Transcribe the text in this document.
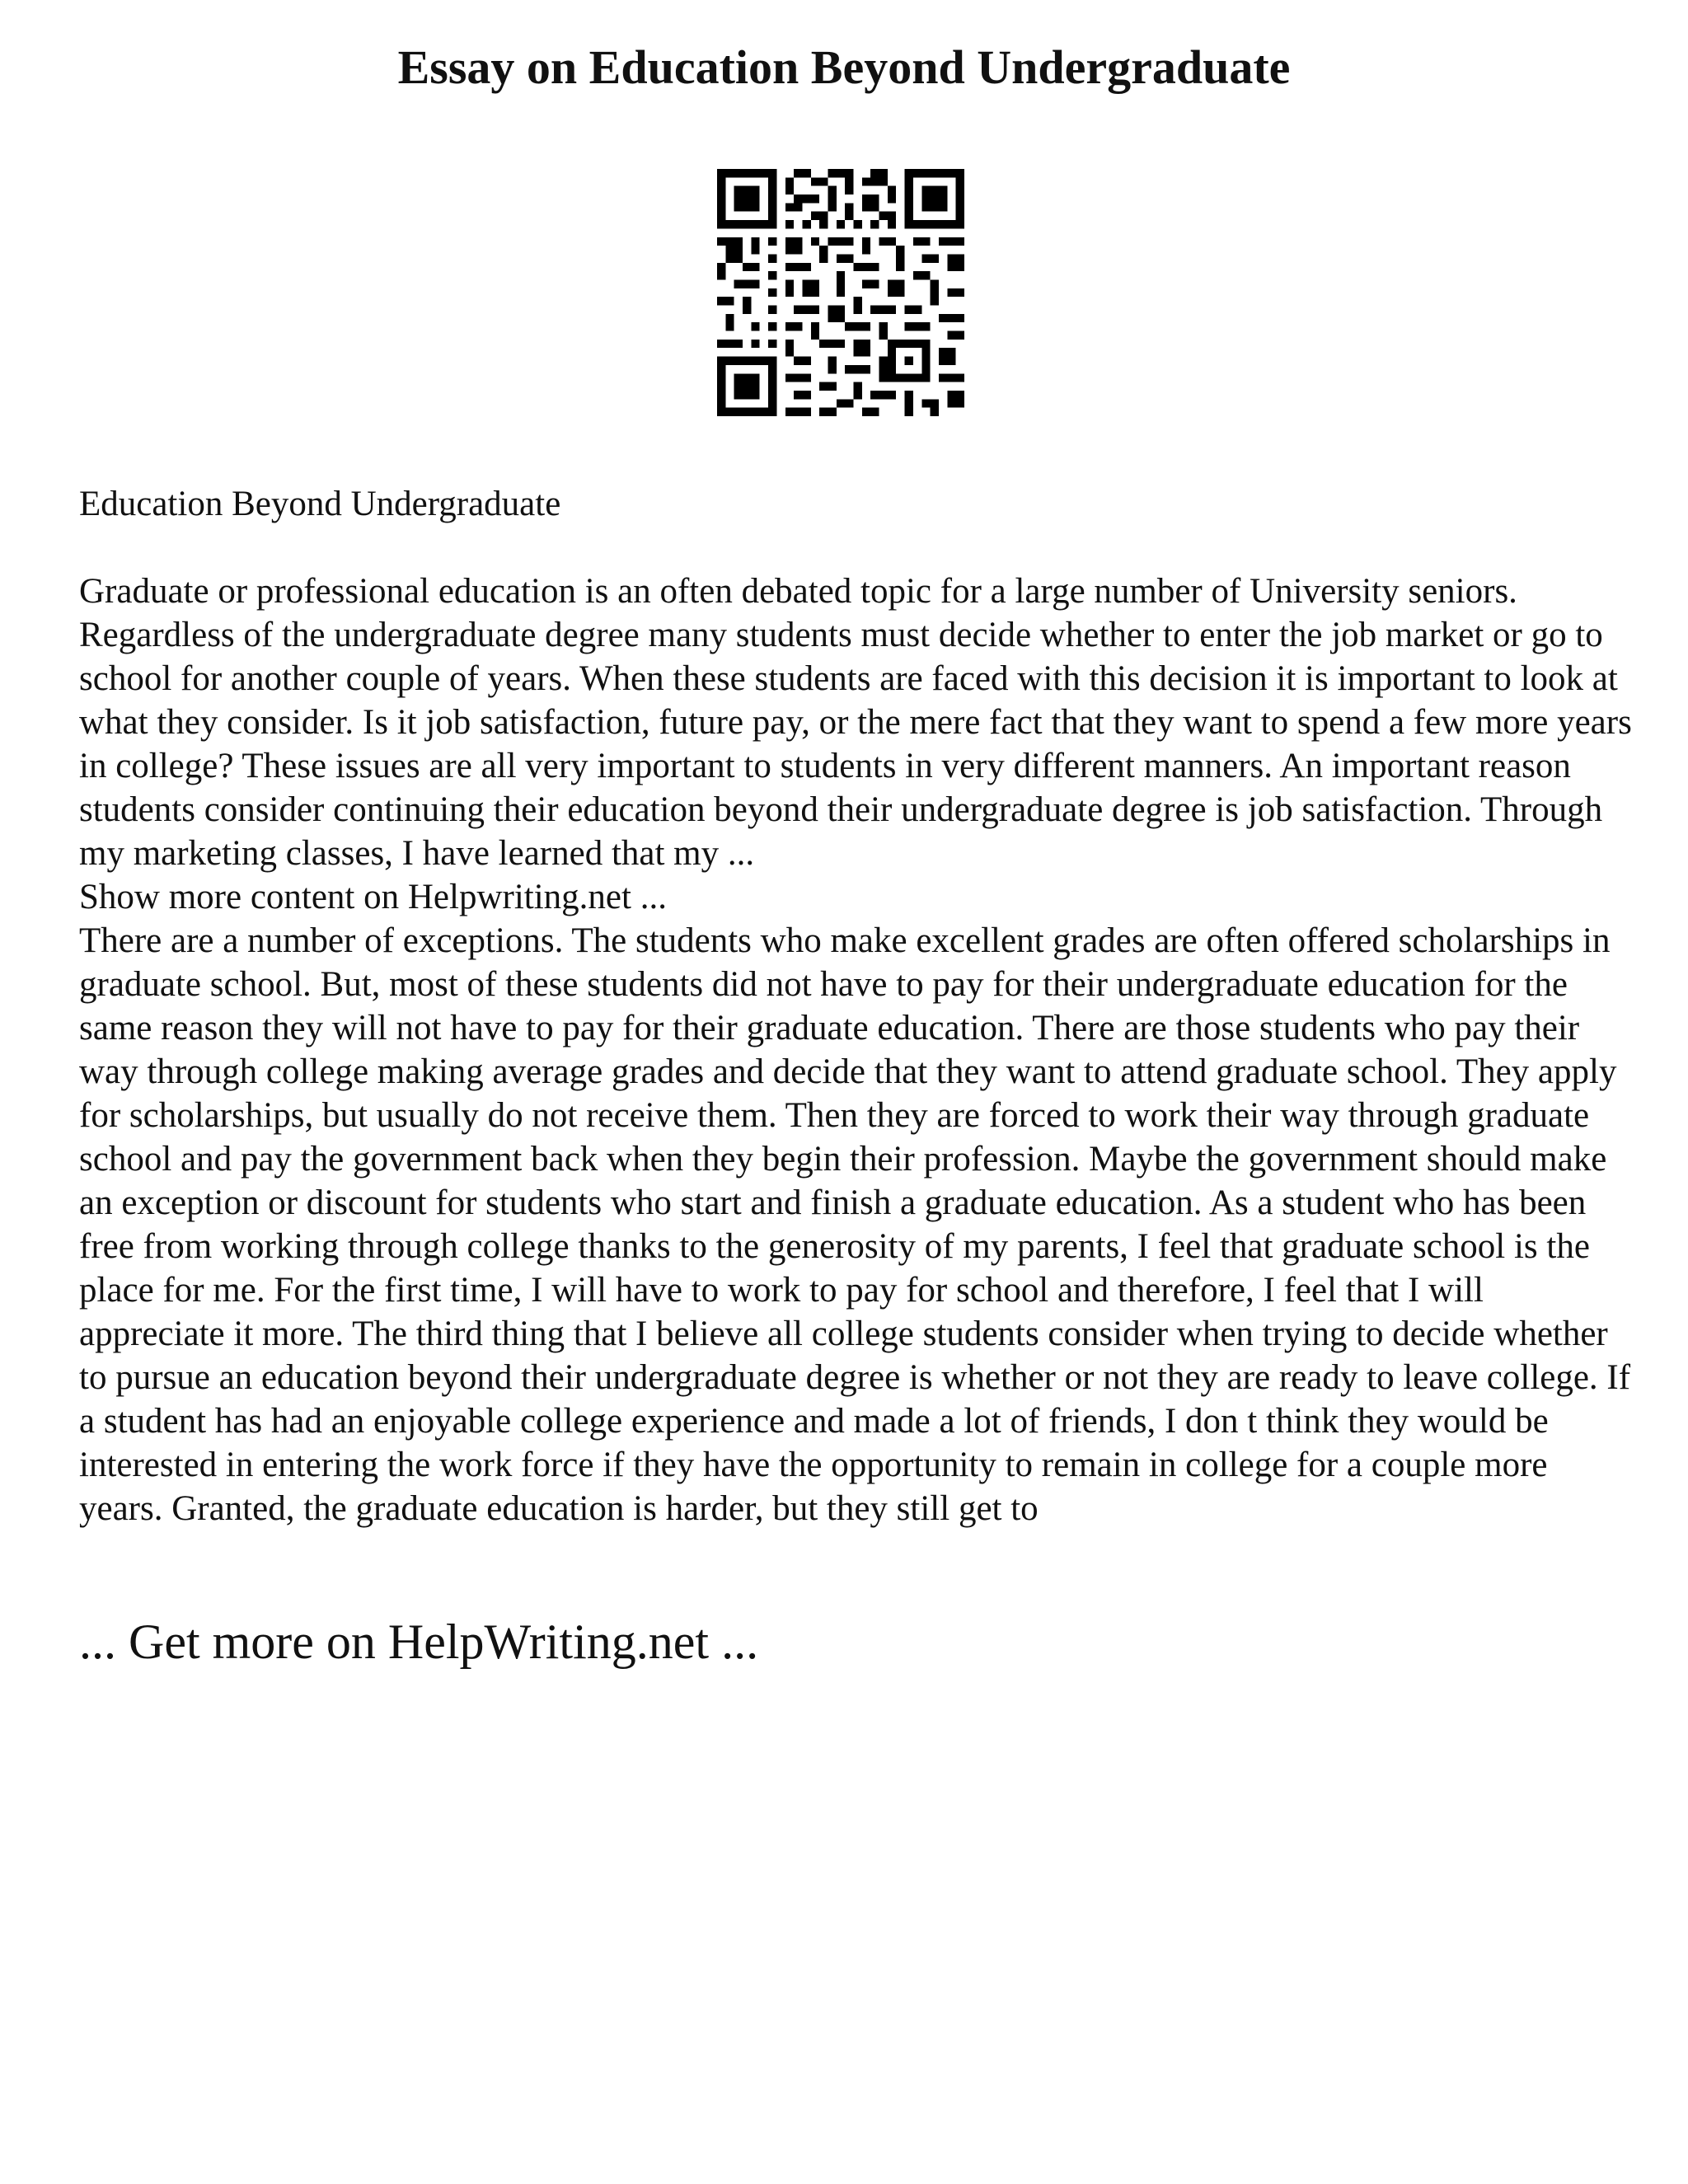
Essay on Education Beyond Undergraduate

Education Beyond Undergraduate

Graduate or professional education is an often debated topic for a large number of University seniors. Regardless of the undergraduate degree many students must decide whether to enter the job market or go to school for another couple of years. When these students are faced with this decision it is important to look at what they consider. Is it job satisfaction, future pay, or the mere fact that they want to spend a few more years in college? These issues are all very important to students in very different manners. An important reason students consider continuing their education beyond their undergraduate degree is job satisfaction. Through my marketing classes, I have learned that my ...

Show more content on Helpwriting.net ...

There are a number of exceptions. The students who make excellent grades are often offered scholarships in graduate school. But, most of these students did not have to pay for their undergraduate education for the same reason they will not have to pay for their graduate education. There are those students who pay their way through college making average grades and decide that they want to attend graduate school. They apply for scholarships, but usually do not receive them. Then they are forced to work their way through graduate school and pay the government back when they begin their profession. Maybe the government should make an exception or discount for students who start and finish a graduate education. As a student who has been free from working through college thanks to the generosity of my parents, I feel that graduate school is the place for me. For the first time, I will have to work to pay for school and therefore, I feel that I will appreciate it more. The third thing that I believe all college students consider when trying to decide whether to pursue an education beyond their undergraduate degree is whether or not they are ready to leave college. If a student has had an enjoyable college experience and made a lot of friends, I don t think they would be interested in entering the work force if they have the opportunity to remain in college for a couple more years. Granted, the graduate education is harder, but they still get to

... Get more on HelpWriting.net ...
